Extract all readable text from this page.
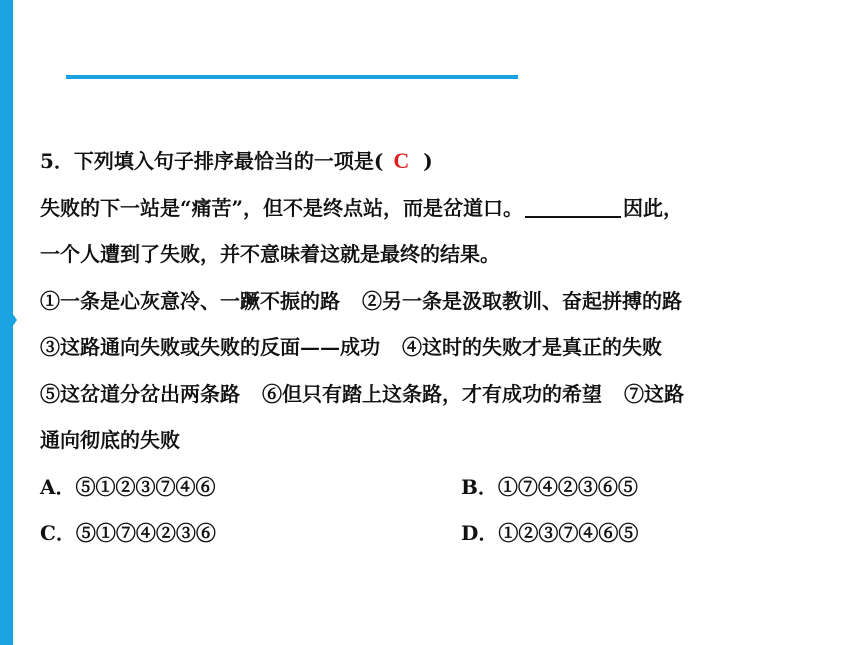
5．下列填入句子排序最恰当的一项是( C )
失败的下一站是“痛苦”，但不是终点站，而是岔道口。	因此，
一个人遭到了失败，并不意味着这就是最终的结果。
①一条是心灰意冷、一蹶不振的路 ②另一条是汲取教训、奋起拼搏的路
③这路通向失败或失败的反面——成功 ④这时的失败才是真正的失败
⑤这岔道分岔出两条路 ⑥但只有踏上这条路，才有成功的希望 ⑦这路
通向彻底的失败
A．⑤①②③⑦④⑥	B．①⑦④②③⑥⑤
C．⑤①⑦④②③⑥	D．①②③⑦④⑥⑤
